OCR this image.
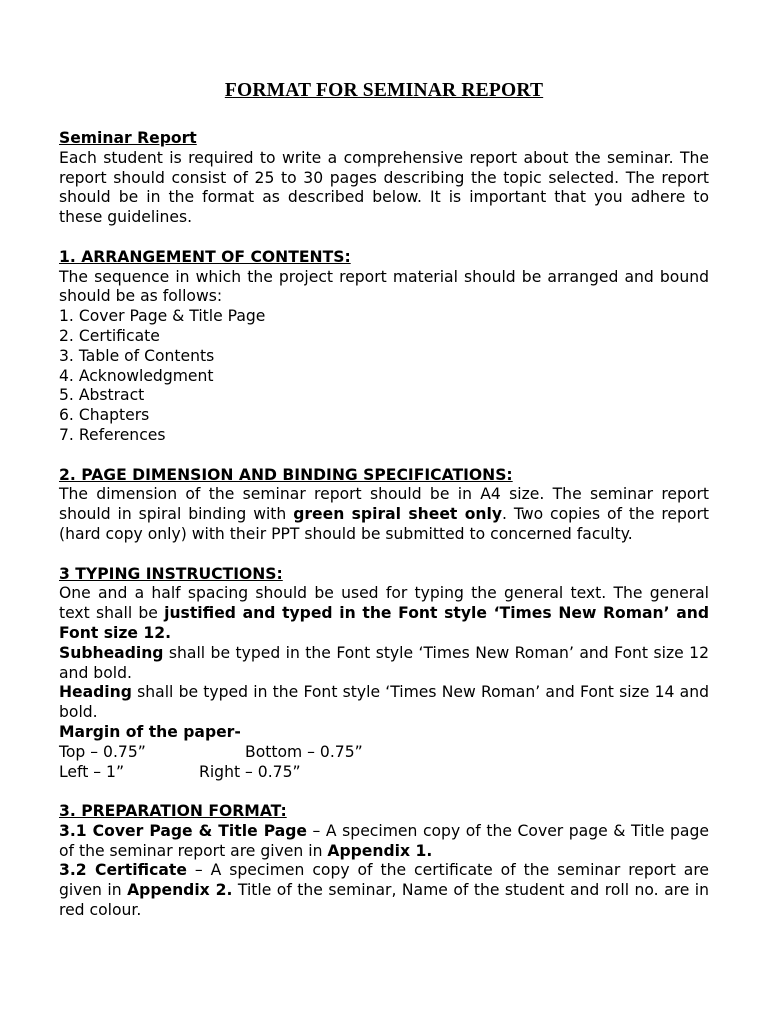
FORMAT FOR SEMINAR REPORT

Seminar Report

Each student is required to write a comprehensive report about the seminar. The report should consist of 25 to 30 pages describing the topic selected. The report should be in the format as described below. It is important that you adhere to these guidelines.

1. ARRANGEMENT OF CONTENTS:

The sequence in which the project report material should be arranged and bound should be as follows:

1. Cover Page & Title Page
2. Certificate
3. Table of Contents
4. Acknowledgment
5. Abstract
6. Chapters
7. References

2. PAGE DIMENSION AND BINDING SPECIFICATIONS:

The dimension of the seminar report should be in A4 size. The seminar report should in spiral binding with green spiral sheet only. Two copies of the report (hard copy only) with their PPT should be submitted to concerned faculty.

3 TYPING INSTRUCTIONS:

One and a half spacing should be used for typing the general text. The general text shall be justified and typed in the Font style ‘Times New Roman’ and Font size 12.

Subheading shall be typed in the Font style ‘Times New Roman’ and Font size 12 and bold.

Heading shall be typed in the Font style ‘Times New Roman’ and Font size 14 and bold.

Margin of the paper-

Top – 0.75”	Bottom – 0.75”
Left – 1”	Right – 0.75”

3. PREPARATION FORMAT:

3.1 Cover Page & Title Page – A specimen copy of the Cover page & Title page of the seminar report are given in Appendix 1.

3.2 Certificate – A specimen copy of the certificate of the seminar report are given in Appendix 2. Title of the seminar, Name of the student and roll no. are in red colour.
